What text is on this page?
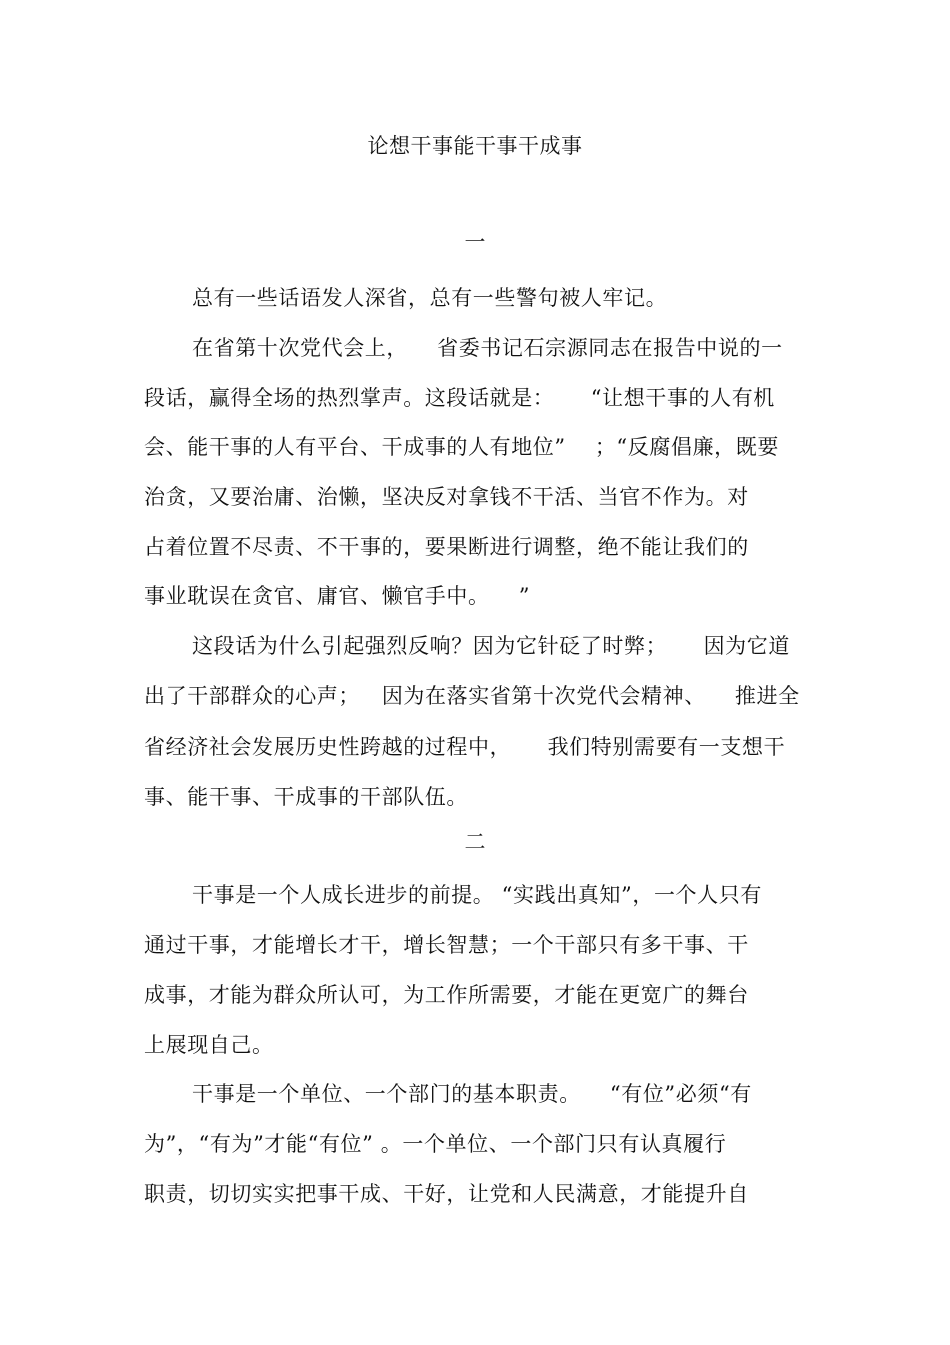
论想干事能干事干成事
一
总有一些话语发人深省，总有一些警句被人牢记。
在省第十次党代会上，    省委书记石宗源同志在报告中说的一
段话，赢得全场的热烈掌声。这段话就是：     “让想干事的人有机
会、能干事的人有平台、干成事的人有地位”    ；“反腐倡廉，既要
治贪，又要治庸、治懒，坚决反对拿钱不干活、当官不作为。对
占着位置不尽责、不干事的，要果断进行调整，绝不能让我们的
事业耽误在贪官、庸官、懒官手中。    ”
这段话为什么引起强烈反响？因为它针砭了时弊；     因为它道
出了干部群众的心声；   因为在落实省第十次党代会精神、    推进全
省经济社会发展历史性跨越的过程中，     我们特别需要有一支想干
事、能干事、干成事的干部队伍。
二
干事是一个人成长进步的前提。 “实践出真知”，一个人只有
通过干事，才能增长才干，增长智慧；一个干部只有多干事、干
成事，才能为群众所认可，为工作所需要，才能在更宽广的舞台
上展现自己。
干事是一个单位、一个部门的基本职责。    “有位”必须“有
为”，“有为”才能“有位” 。一个单位、一个部门只有认真履行
职责，切切实实把事干成、干好，让党和人民满意，才能提升自
